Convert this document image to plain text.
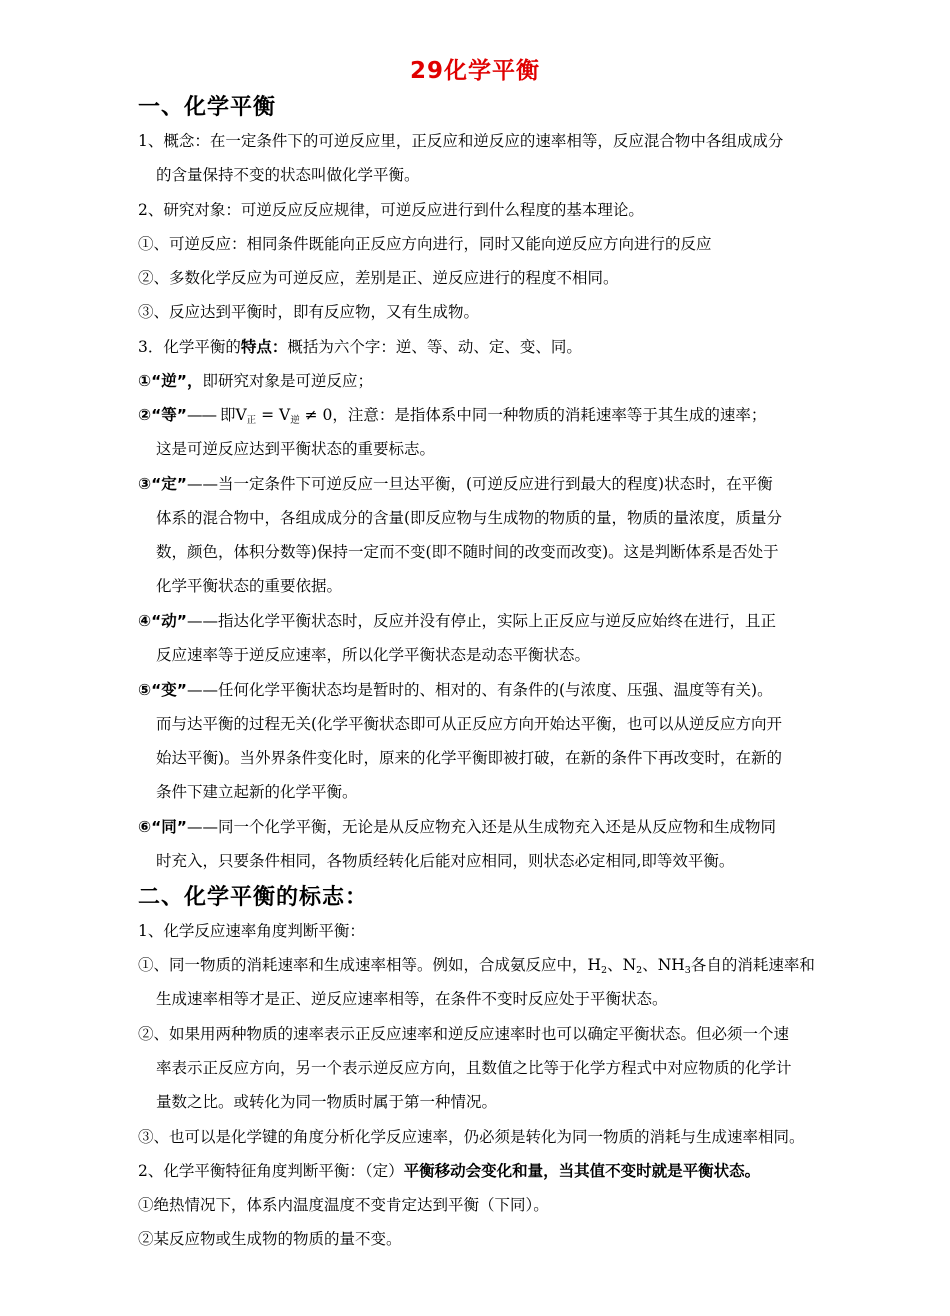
29化学平衡
一、化学平衡
1、概念：在一定条件下的可逆反应里，正反应和逆反应的速率相等，反应混合物中各组成成分
的含量保持不变的状态叫做化学平衡。
2、研究对象：可逆反应反应规律，可逆反应进行到什么程度的基本理论。
①、可逆反应：相同条件既能向正反应方向进行，同时又能向逆反应方向进行的反应
②、多数化学反应为可逆反应，差别是正、逆反应进行的程度不相同。
③、反应达到平衡时，即有反应物，又有生成物。
3．化学平衡的特点：概括为六个字：逆、等、动、定、变、同。
①“逆”，即研究对象是可逆反应；
②“等”—— 即V正 = V逆 ≠ 0，注意：是指体系中同一种物质的消耗速率等于其生成的速率；
这是可逆反应达到平衡状态的重要标志。
③“定”——当一定条件下可逆反应一旦达平衡，(可逆反应进行到最大的程度)状态时，在平衡
体系的混合物中，各组成成分的含量(即反应物与生成物的物质的量，物质的量浓度，质量分
数，颜色，体积分数等)保持一定而不变(即不随时间的改变而改变)。这是判断体系是否处于
化学平衡状态的重要依据。
④“动”——指达化学平衡状态时，反应并没有停止，实际上正反应与逆反应始终在进行，且正
反应速率等于逆反应速率，所以化学平衡状态是动态平衡状态。
⑤“变”——任何化学平衡状态均是暂时的、相对的、有条件的(与浓度、压强、温度等有关)。
而与达平衡的过程无关(化学平衡状态即可从正反应方向开始达平衡，也可以从逆反应方向开
始达平衡)。当外界条件变化时，原来的化学平衡即被打破，在新的条件下再改变时，在新的
条件下建立起新的化学平衡。
⑥“同”——同一个化学平衡，无论是从反应物充入还是从生成物充入还是从反应物和生成物同
时充入，只要条件相同，各物质经转化后能对应相同，则状态必定相同,即等效平衡。
二、化学平衡的标志：
1、化学反应速率角度判断平衡：
①、同一物质的消耗速率和生成速率相等。例如，合成氨反应中，H2、N2、NH3各自的消耗速率和
生成速率相等才是正、逆反应速率相等，在条件不变时反应处于平衡状态。
②、如果用两种物质的速率表示正反应速率和逆反应速率时也可以确定平衡状态。但必须一个速
率表示正反应方向，另一个表示逆反应方向，且数值之比等于化学方程式中对应物质的化学计
量数之比。或转化为同一物质时属于第一种情况。
③、也可以是化学键的角度分析化学反应速率，仍必须是转化为同一物质的消耗与生成速率相同。
2、化学平衡特征角度判断平衡：（定）平衡移动会变化和量，当其值不变时就是平衡状态。
①绝热情况下，体系内温度温度不变肯定达到平衡（下同）。
②某反应物或生成物的物质的量不变。
